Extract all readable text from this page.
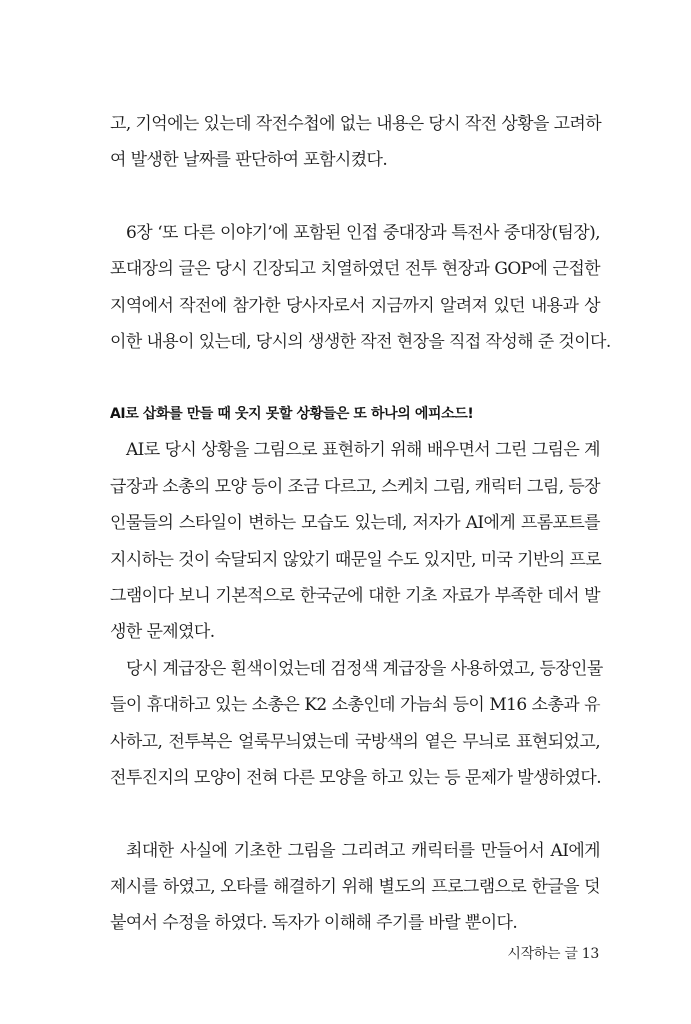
고, 기억에는 있는데 작전수첩에 없는 내용은 당시 작전 상황을 고려하
여 발생한 날짜를 판단하여 포함시켰다.
6장 ‘또 다른 이야기’에 포함된 인접 중대장과 특전사 중대장(팀장),
포대장의 글은 당시 긴장되고 치열하였던 전투 현장과 GOP에 근접한
지역에서 작전에 참가한 당사자로서 지금까지 알려져 있던 내용과 상
이한 내용이 있는데, 당시의 생생한 작전 현장을 직접 작성해 준 것이다.
AI로 삽화를 만들 때 웃지 못할 상황들은 또 하나의 에피소드!
AI로 당시 상황을 그림으로 표현하기 위해 배우면서 그린 그림은 계
급장과 소총의 모양 등이 조금 다르고, 스케치 그림, 캐릭터 그림, 등장
인물들의 스타일이 변하는 모습도 있는데, 저자가 AI에게 프롬포트를
지시하는 것이 숙달되지 않았기 때문일 수도 있지만, 미국 기반의 프로
그램이다 보니 기본적으로 한국군에 대한 기초 자료가 부족한 데서 발
생한 문제였다.
당시 계급장은 흰색이었는데 검정색 계급장을 사용하였고, 등장인물
들이 휴대하고 있는 소총은 K2 소총인데 가늠쇠 등이 M16 소총과 유
사하고, 전투복은 얼룩무늬였는데 국방색의 옅은 무늬로 표현되었고,
전투진지의 모양이 전혀 다른 모양을 하고 있는 등 문제가 발생하였다.
최대한 사실에 기초한 그림을 그리려고 캐릭터를 만들어서 AI에게
제시를 하였고, 오타를 해결하기 위해 별도의 프로그램으로 한글을 덧
붙여서 수정을 하였다. 독자가 이해해 주기를 바랄 뿐이다.
시작하는 글 13
